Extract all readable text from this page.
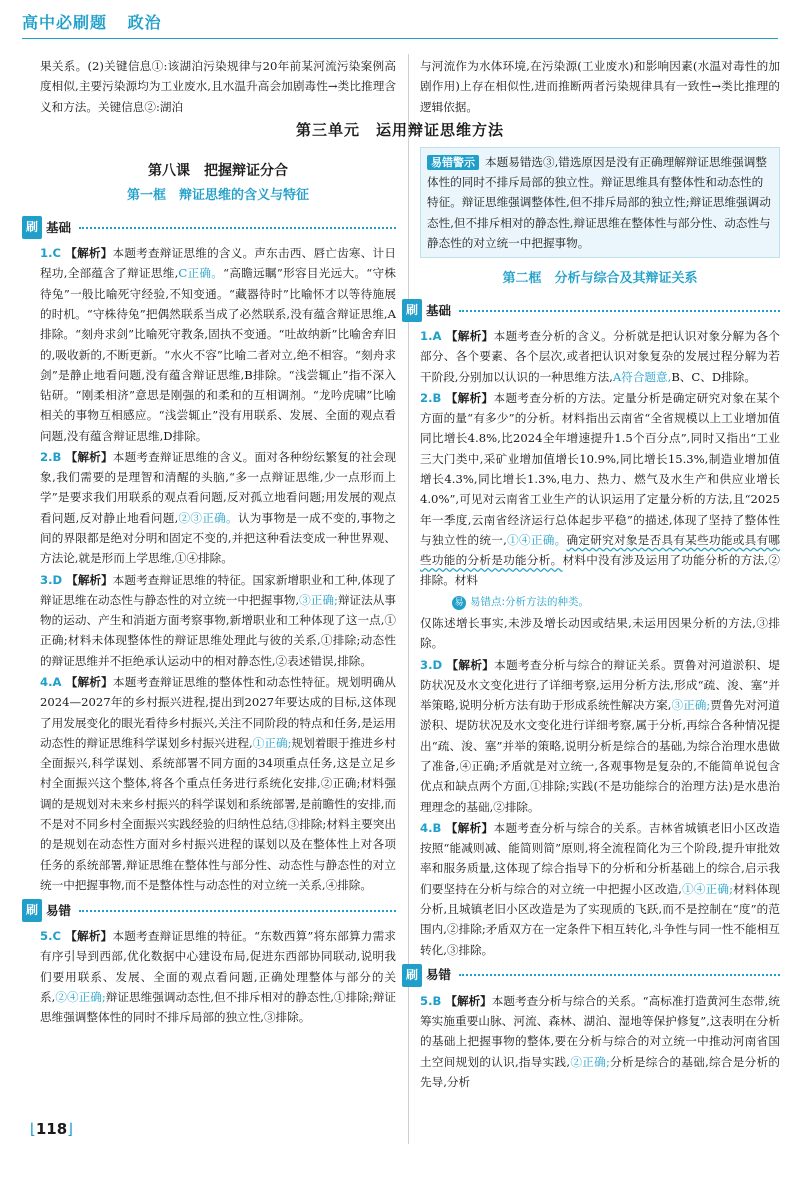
高中必刷题 政治
第三单元　运用辩证思维方法

果关系。(2)关键信息①:该湖泊污染规律与20年前某河流污染案例高度相似,主要污染源均为工业废水,且水温升高会加剧毒性→类比推理含义和方法。关键信息②:湖泊

第八课　把握辩证分合
第一框　辩证思维的含义与特征
刷 基础

1.C 【解析】本题考查辩证思维的含义。声东击西、唇亡齿寒、计日程功,全部蕴含了辩证思维,C正确。“高瞻远瞩”形容目光远大。“守株待兔”一般比喻死守经验,不知变通。“藏器待时”比喻怀才以等待施展的时机。“守株待兔”把偶然联系当成了必然联系,没有蕴含辩证思维,A排除。“刻舟求剑”比喻死守教条,固执不变通。“吐故纳新”比喻舍弃旧的,吸收新的,不断更新。“水火不容”比喻二者对立,绝不相容。“刻舟求剑”是静止地看问题,没有蕴含辩证思维,B排除。“浅尝辄止”指不深入钻研。“刚柔相济”意思是刚强的和柔和的互相调剂。“龙吟虎啸”比喻相关的事物互相感应。“浅尝辄止”没有用联系、发展、全面的观点看问题,没有蕴含辩证思维,D排除。

2.B 【解析】本题考查辩证思维的含义。面对各种纷纭繁复的社会现象,我们需要的是理智和清醒的头脑,“多一点辩证思维,少一点形而上学”是要求我们用联系的观点看问题,反对孤立地看问题;用发展的观点看问题,反对静止地看问题,②③正确。认为事物是一成不变的,事物之间的界限都是绝对分明和固定不变的,并把这种看法变成一种世界观、方法论,就是形而上学思维,①④排除。

3.D 【解析】本题考查辩证思维的特征。国家新增职业和工种,体现了辩证思维在动态性与静态性的对立统一中把握事物,③正确;辩证法从事物的运动、产生和消逝方面考察事物,新增职业和工种体现了这一点,①正确;材料未体现整体性的辩证思维处理此与彼的关系,①排除;动态性的辩证思维并不拒绝承认运动中的相对静态性,②表述错误,排除。

4.A 【解析】本题考查辩证思维的整体性和动态性特征。规划明确从2024—2027年的乡村振兴进程,提出到2027年要达成的目标,这体现了用发展变化的眼光看待乡村振兴,关注不同阶段的特点和任务,是运用动态性的辩证思维科学谋划乡村振兴进程,①正确;规划着眼于推进乡村全面振兴,科学谋划、系统部署不同方面的34项重点任务,这是立足乡村全面振兴这个整体,将各个重点任务进行系统化安排,②正确;材料强调的是规划对未来乡村振兴的科学谋划和系统部署,是前瞻性的安排,而不是对不同乡村全面振兴实践经验的归纳性总结,③排除;材料主要突出的是规划在动态性方面对乡村振兴进程的谋划以及在整体性上对各项任务的系统部署,辩证思维在整体性与部分性、动态性与静态性的对立统一中把握事物,而不是整体性与动态性的对立统一关系,④排除。

刷 易错

5.C 【解析】本题考查辩证思维的特征。“东数西算”将东部算力需求有序引导到西部,优化数据中心建设布局,促进东西部协同联动,说明我们要用联系、发展、全面的观点看问题,正确处理整体与部分的关系,②④正确;辩证思维强调动态性,但不排斥相对的静态性,①排除;辩证思维强调整体性的同时不排斥局部的独立性,③排除。

与河流作为水体环境,在污染源(工业废水)和影响因素(水温对毒性的加剧作用)上存在相似性,进而推断两者污染规律具有一致性→类比推理的逻辑依据。

易错警示 本题易错选③,错选原因是没有正确理解辩证思维强调整体性的同时不排斥局部的独立性。辩证思维具有整体性和动态性的特征。辩证思维强调整体性,但不排斥局部的独立性;辩证思维强调动态性,但不排斥相对的静态性,辩证思维在整体性与部分性、动态性与静态性的对立统一中把握事物。
第二框　分析与综合及其辩证关系
刷 基础

1.A 【解析】本题考查分析的含义。分析就是把认识对象分解为各个部分、各个要素、各个层次,或者把认识对象复杂的发展过程分解为若干阶段,分别加以认识的一种思维方法,A符合题意,B、C、D排除。

2.B 【解析】本题考查分析的方法。定量分析是确定研究对象在某个方面的量“有多少”的分析。材料指出云南省“全省规模以上工业增加值同比增长4.8%,比2024全年增速提升1.5个百分点”,同时又指出“工业三大门类中,采矿业增加值增长10.9%,同比增长15.3%,制造业增加值增长4.3%,同比增长1.3%,电力、热力、燃气及水生产和供应业增长4.0%”,可见对云南省工业生产的认识运用了定量分析的方法,且“2025年一季度,云南省经济运行总体起步平稳”的描述,体现了坚持了整体性与独立性的统一,①④正确。确定研究对象是否具有某些功能或具有哪些功能的分析是功能分析。材料中没有涉及运用了功能分析的方法,②排除。材料

易 易错点:分析方法的种类。

仅陈述增长事实,未涉及增长动因或结果,未运用因果分析的方法,③排除。

3.D 【解析】本题考查分析与综合的辩证关系。贾鲁对河道淤积、堤防状况及水文变化进行了详细考察,运用分析方法,形成“疏、浚、塞”并举策略,说明分析方法有助于形成系统性解决方案,③正确;贾鲁先对河道淤积、堤防状况及水文变化进行详细考察,属于分析,再综合各种情况提出“疏、浚、塞”并举的策略,说明分析是综合的基础,为综合治理水患做了准备,④正确;矛盾就是对立统一,各观事物是复杂的,不能简单说包含优点和缺点两个方面,①排除;实践(不是功能综合的治理方法)是水患治理理念的基础,②排除。

4.B 【解析】本题考查分析与综合的关系。吉林省城镇老旧小区改造按照“能减则减、能简则简”原则,将全流程简化为三个阶段,提升审批效率和服务质量,这体现了综合指导下的分析和分析基础上的综合,启示我们要坚持在分析与综合的对立统一中把握小区改造,①④正确;材料体现分析,且城镇老旧小区改造是为了实现质的飞跃,而不是控制在“度”的范围内,②排除;矛盾双方在一定条件下相互转化,斗争性与同一性不能相互转化,③排除。

刷 易错

5.B 【解析】本题考查分析与综合的关系。“高标准打造黄河生态带,统筹实施重要山脉、河流、森林、湖泊、湿地等保护修复”,这表明在分析的基础上把握事物的整体,要在分析与综合的对立统一中推动河南省国土空间规划的认识,指导实践,②正确;分析是综合的基础,综合是分析的先导,分析

⌊118⌋
